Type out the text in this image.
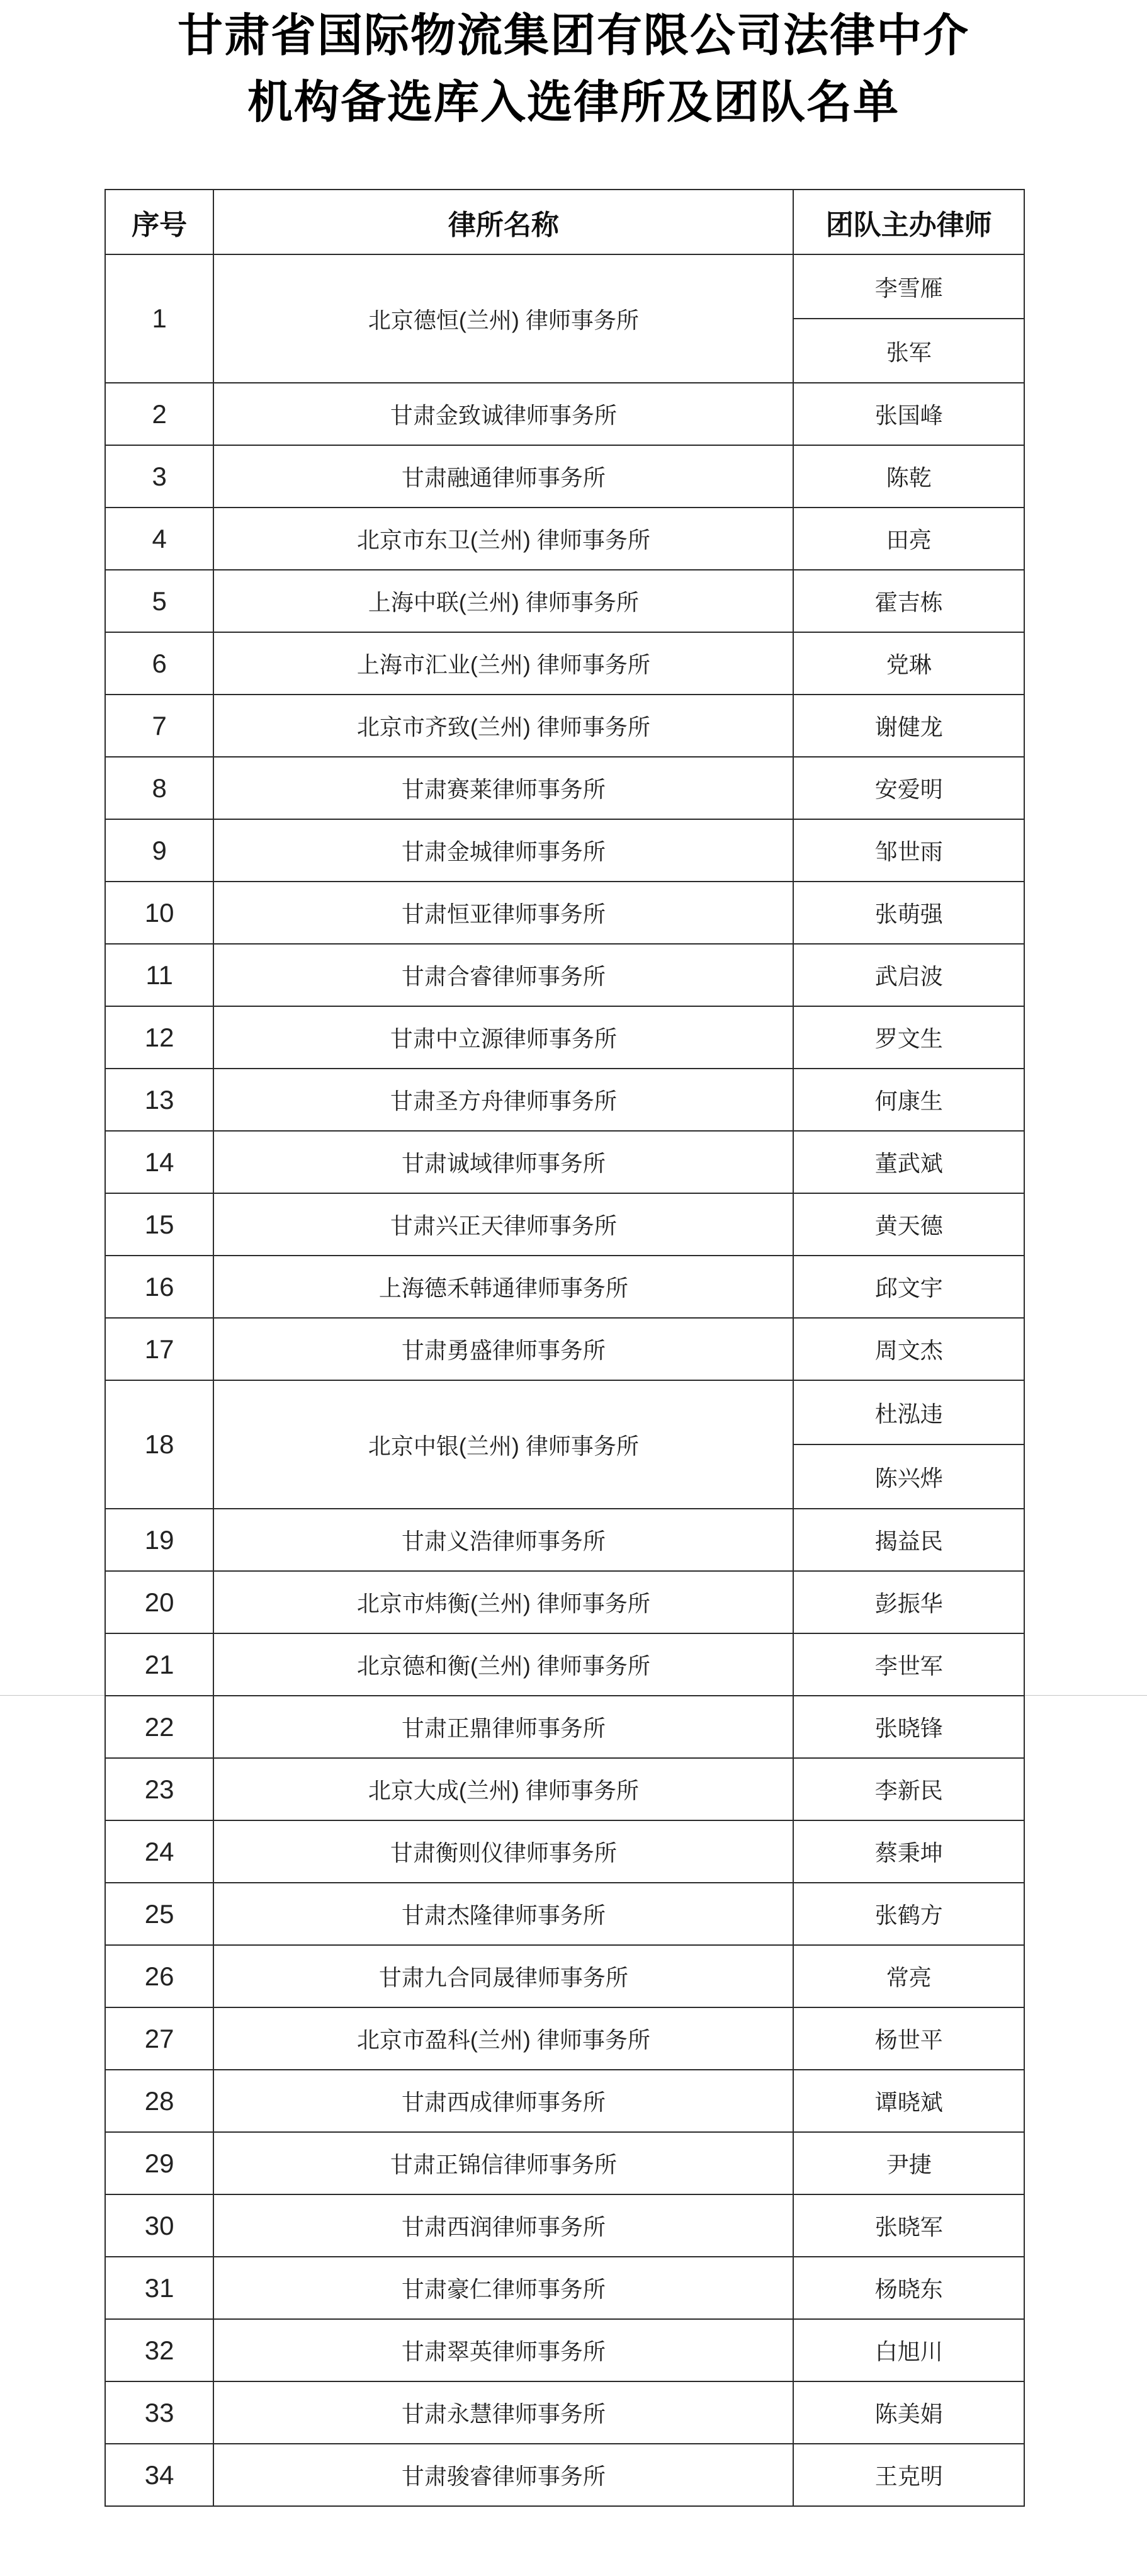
甘肃省国际物流集团有限公司法律中介
机构备选库入选律所及团队名单
序号	律所名称	团队主办律师
1	北京德恒(兰州) 律师事务所	李雪雁
		张军
2	甘肃金致诚律师事务所	张国峰
3	甘肃融通律师事务所	陈乾
4	北京市东卫(兰州) 律师事务所	田亮
5	上海中联(兰州) 律师事务所	霍吉栋
6	上海市汇业(兰州) 律师事务所	党琳
7	北京市齐致(兰州) 律师事务所	谢健龙
8	甘肃赛莱律师事务所	安爱明
9	甘肃金城律师事务所	邹世雨
10	甘肃恒亚律师事务所	张萌强
11	甘肃合睿律师事务所	武启波
12	甘肃中立源律师事务所	罗文生
13	甘肃圣方舟律师事务所	何康生
14	甘肃诚域律师事务所	董武斌
15	甘肃兴正天律师事务所	黄天德
16	上海德禾韩通律师事务所	邱文宇
17	甘肃勇盛律师事务所	周文杰
18	北京中银(兰州) 律师事务所	杜泓违
		陈兴烨
19	甘肃义浩律师事务所	揭益民
20	北京市炜衡(兰州) 律师事务所	彭振华
21	北京德和衡(兰州) 律师事务所	李世军
22	甘肃正鼎律师事务所	张晓锋
23	北京大成(兰州) 律师事务所	李新民
24	甘肃衡则仪律师事务所	蔡秉坤
25	甘肃杰隆律师事务所	张鹤方
26	甘肃九合同晟律师事务所	常亮
27	北京市盈科(兰州) 律师事务所	杨世平
28	甘肃西成律师事务所	谭晓斌
29	甘肃正锦信律师事务所	尹捷
30	甘肃西润律师事务所	张晓军
31	甘肃豪仁律师事务所	杨晓东
32	甘肃翠英律师事务所	白旭川
33	甘肃永慧律师事务所	陈美娟
34	甘肃骏睿律师事务所	王克明
